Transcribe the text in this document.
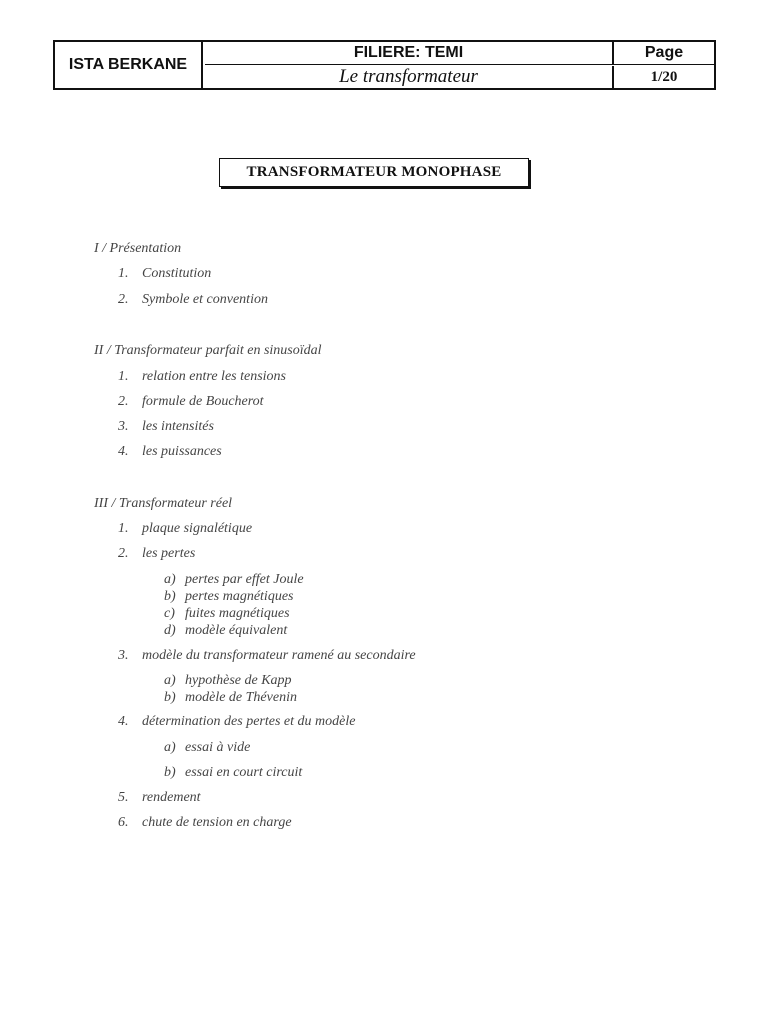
ISTA BERKANE
FILIERE: TEMI
Le transformateur
Page
1/20
TRANSFORMATEUR MONOPHASE
I / Présentation
1. Constitution
2. Symbole et convention
II / Transformateur parfait en sinusoïdal
1. relation entre les tensions
2. formule de Boucherot
3. les intensités
4. les puissances
III / Transformateur réel
1. plaque signalétique
2. les pertes
a) pertes par effet Joule
b) pertes magnétiques
c) fuites magnétiques
d) modèle équivalent
3. modèle du transformateur ramené au secondaire
a) hypothèse de Kapp
b) modèle de Thévenin
4. détermination des pertes et du modèle
a) essai à vide
b) essai en court circuit
5. rendement
6. chute de tension en charge
